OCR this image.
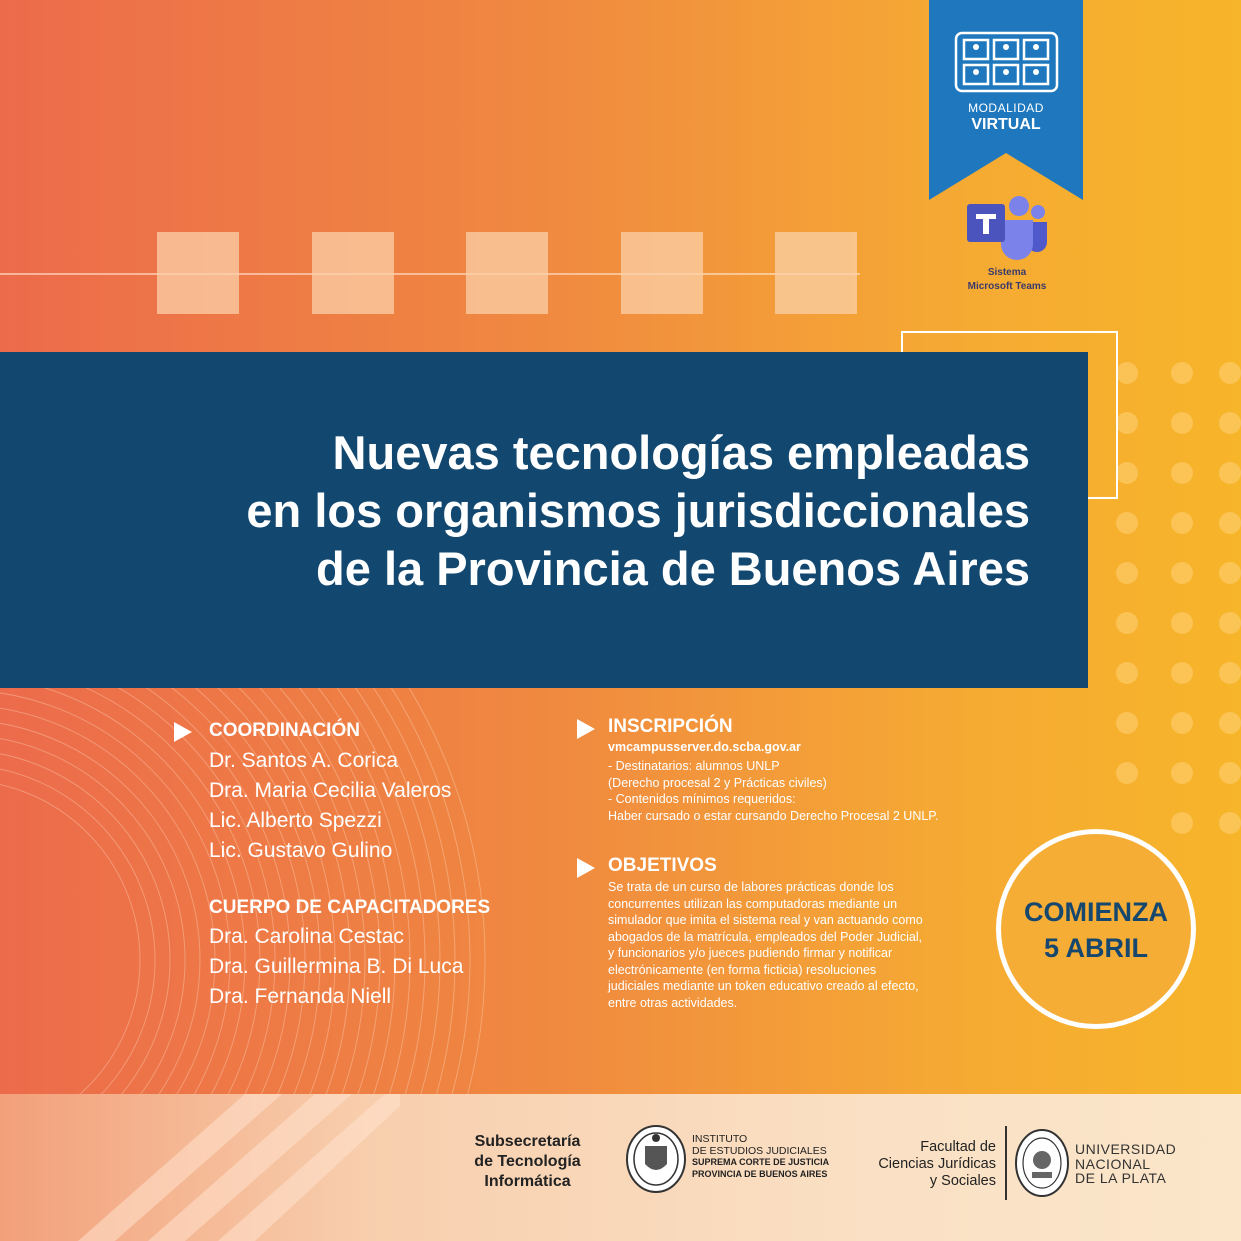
MODALIDAD
VIRTUAL
Sistema
Microsoft Teams
Nuevas tecnologías empleadas
en los organismos jurisdiccionales
de la Provincia de Buenos Aires
COORDINACIÓN
Dr. Santos A. Corica
Dra. Maria Cecilia Valeros
Lic. Alberto Spezzi
Lic. Gustavo Gulino
CUERPO DE CAPACITADORES
Dra. Carolina Cestac
Dra. Guillermina B. Di Luca
Dra. Fernanda Niell
INSCRIPCIÓN
vmcampusserver.do.scba.gov.ar
- Destinatarios: alumnos UNLP
(Derecho procesal 2 y Prácticas civiles)
- Contenidos mínimos requeridos:
Haber cursado o estar cursando Derecho Procesal 2 UNLP.
OBJETIVOS
Se trata de un curso de labores prácticas donde los
concurrentes utilizan las computadoras mediante un
simulador que imita el sistema real y van actuando como
abogados de la matrícula, empleados del Poder Judicial,
y funcionarios y/o jueces pudiendo firmar y notificar
electrónicamente (en forma ficticia) resoluciones
judiciales mediante un token educativo creado al efecto,
entre otras actividades.
COMIENZA
5 ABRIL
Subsecretaría
de Tecnología
Informática
INSTITUTO
DE ESTUDIOS JUDICIALES
SUPREMA CORTE DE JUSTICIA
PROVINCIA DE BUENOS AIRES
Facultad de
Ciencias Jurídicas
y Sociales
UNIVERSIDAD
NACIONAL
DE LA PLATA
